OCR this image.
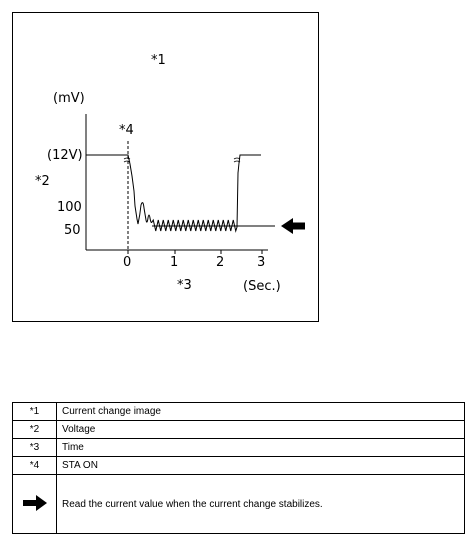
*1
*4
*2
*3
(mV)
(12V)
100
50
0	1	2	3
(Sec.)
*1	Current change image
*2	Voltage
*3	Time
*4	STA ON
	Read the current value when the current change stabilizes.
